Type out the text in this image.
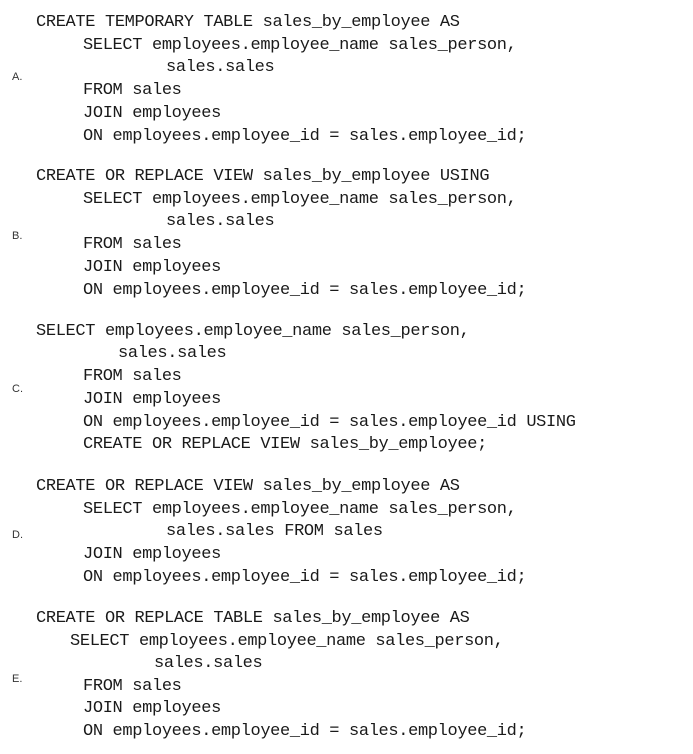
A.
CREATE TEMPORARY TABLE sales_by_employee AS
SELECT employees.employee_name sales_person,
sales.sales
FROM sales
JOIN employees
ON employees.employee_id = sales.employee_id;
B.
CREATE OR REPLACE VIEW sales_by_employee USING
SELECT employees.employee_name sales_person,
sales.sales
FROM sales
JOIN employees
ON employees.employee_id = sales.employee_id;
C.
SELECT employees.employee_name sales_person,
sales.sales
FROM sales
JOIN employees
ON employees.employee_id = sales.employee_id USING
CREATE OR REPLACE VIEW sales_by_employee;
D.
CREATE OR REPLACE VIEW sales_by_employee AS
SELECT employees.employee_name sales_person,
sales.sales FROM sales
JOIN employees
ON employees.employee_id = sales.employee_id;
E.
CREATE OR REPLACE TABLE sales_by_employee AS
SELECT employees.employee_name sales_person,
sales.sales
FROM sales
JOIN employees
ON employees.employee_id = sales.employee_id;
